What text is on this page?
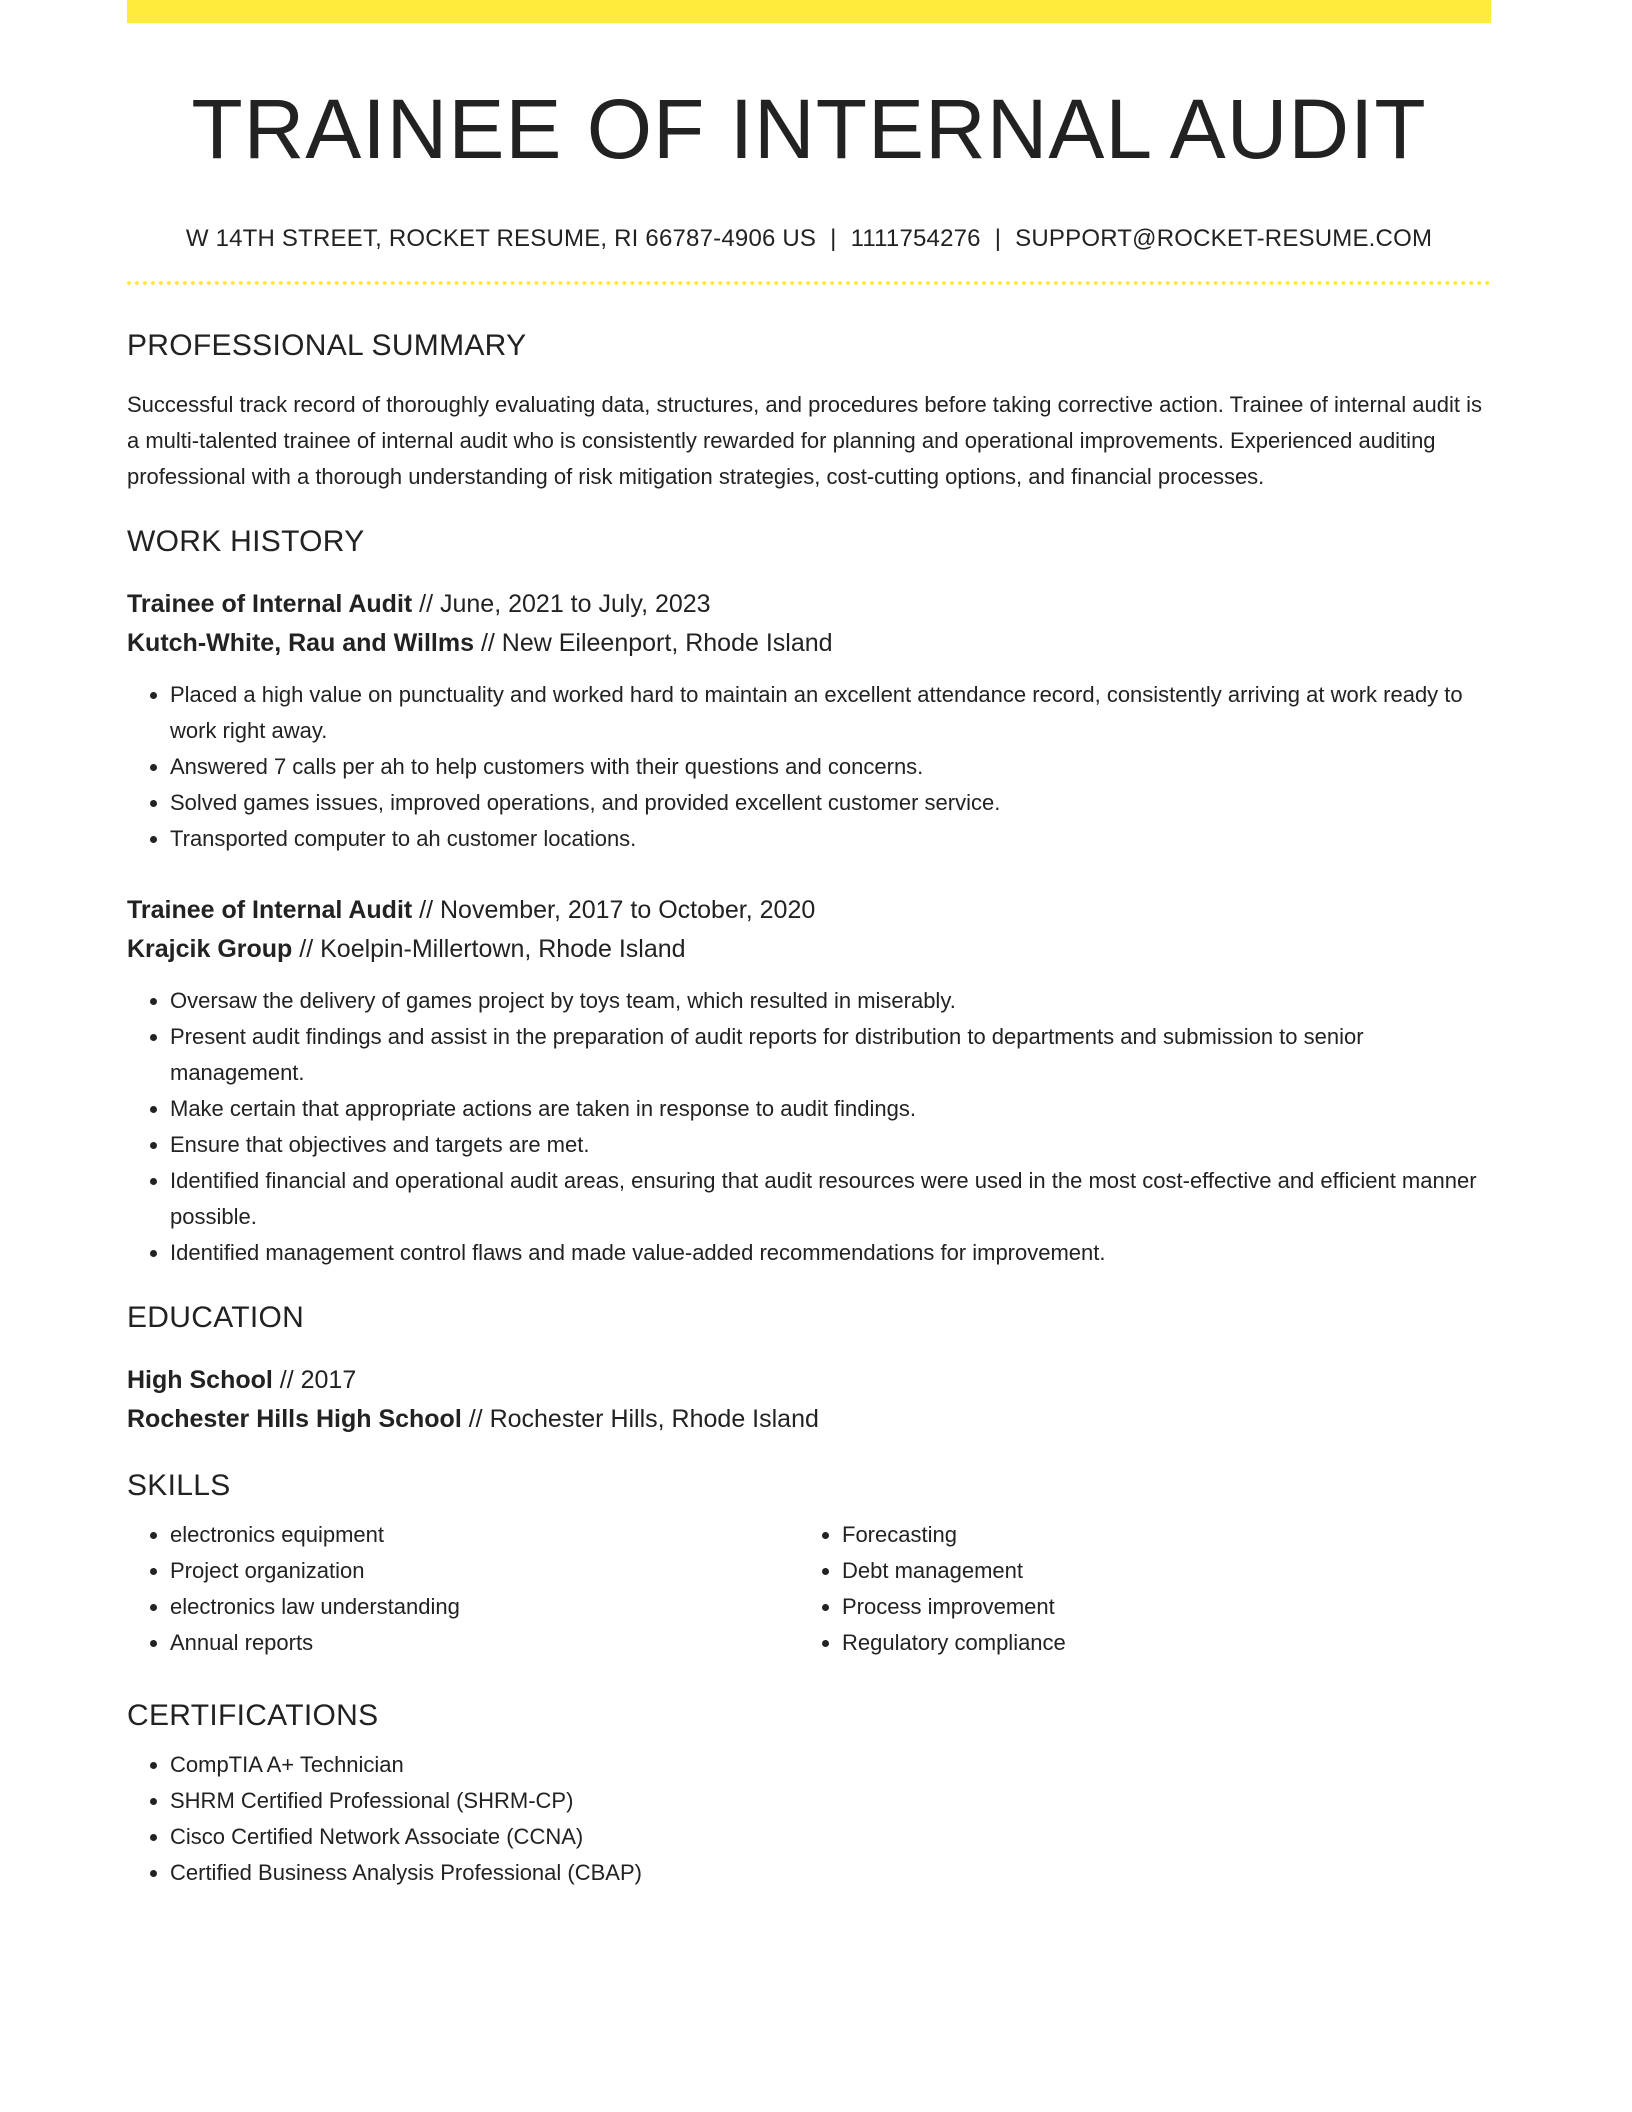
TRAINEE OF INTERNAL AUDIT
W 14TH STREET, ROCKET RESUME, RI 66787-4906 US | 1111754276 | SUPPORT@ROCKET-RESUME.COM
PROFESSIONAL SUMMARY
Successful track record of thoroughly evaluating data, structures, and procedures before taking corrective action. Trainee of internal audit is a multi-talented trainee of internal audit who is consistently rewarded for planning and operational improvements. Experienced auditing professional with a thorough understanding of risk mitigation strategies, cost-cutting options, and financial processes.
WORK HISTORY
Trainee of Internal Audit // June, 2021 to July, 2023
Kutch-White, Rau and Willms // New Eileenport, Rhode Island
• Placed a high value on punctuality and worked hard to maintain an excellent attendance record, consistently arriving at work ready to work right away.
• Answered 7 calls per ah to help customers with their questions and concerns.
• Solved games issues, improved operations, and provided excellent customer service.
• Transported computer to ah customer locations.
Trainee of Internal Audit // November, 2017 to October, 2020
Krajcik Group // Koelpin-Millertown, Rhode Island
• Oversaw the delivery of games project by toys team, which resulted in miserably.
• Present audit findings and assist in the preparation of audit reports for distribution to departments and submission to senior management.
• Make certain that appropriate actions are taken in response to audit findings.
• Ensure that objectives and targets are met.
• Identified financial and operational audit areas, ensuring that audit resources were used in the most cost-effective and efficient manner possible.
• Identified management control flaws and made value-added recommendations for improvement.
EDUCATION
High School // 2017
Rochester Hills High School // Rochester Hills, Rhode Island
SKILLS
• electronics equipment
• Project organization
• electronics law understanding
• Annual reports
• Forecasting
• Debt management
• Process improvement
• Regulatory compliance
CERTIFICATIONS
• CompTIA A+ Technician
• SHRM Certified Professional (SHRM-CP)
• Cisco Certified Network Associate (CCNA)
• Certified Business Analysis Professional (CBAP)
